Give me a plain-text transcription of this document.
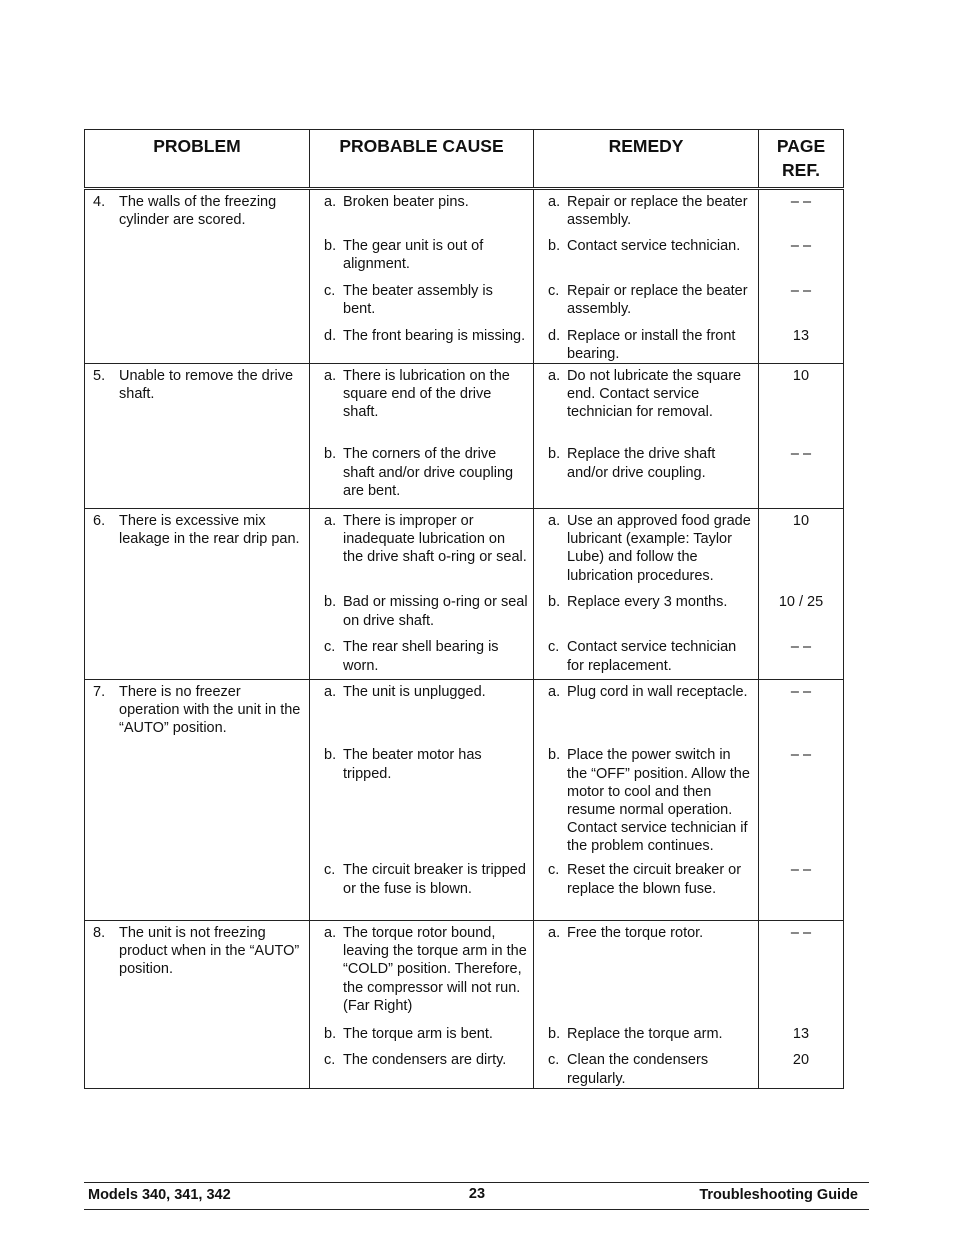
PROBLEM	PROBABLE CAUSE	REMEDY	PAGE REF.

4. The walls of the freezing cylinder are scored.	a. Broken beater pins.	a. Repair or replace the beater assembly.	– –

	b. The gear unit is out of alignment.	b. Contact service technician.	– –

	c. The beater assembly is bent.	c. Repair or replace the beater assembly.	– –

	d. The front bearing is missing.	d. Replace or install the front bearing.	13

5. Unable to remove the drive shaft.	a. There is lubrication on the square end of the drive shaft.	a. Do not lubricate the square end. Contact service technician for removal.	10

	b. The corners of the drive shaft and/or drive coupling are bent.	b. Replace the drive shaft and/or drive coupling.	– –

6. There is excessive mix leakage in the rear drip pan.	a. There is improper or inadequate lubrication on the drive shaft o-ring or seal.	a. Use an approved food grade lubricant (example: Taylor Lube) and follow the lubrication procedures.	10

	b. Bad or missing o-ring or seal on drive shaft.	b. Replace every 3 months.	10 / 25

	c. The rear shell bearing is worn.	c. Contact service technician for replacement.	– –

7. There is no freezer operation with the unit in the “AUTO” position.	a. The unit is unplugged.	a. Plug cord in wall receptacle.	– –

	b. The beater motor has tripped.	b. Place the power switch in the “OFF” position. Allow the motor to cool and then resume normal operation. Contact service technician if the problem continues.	– –

	c. The circuit breaker is tripped or the fuse is blown.	c. Reset the circuit breaker or replace the blown fuse.	– –

8. The unit is not freezing product when in the “AUTO” position.	a. The torque rotor bound, leaving the torque arm in the “COLD” position. Therefore, the compressor will not run. (Far Right)	a. Free the torque rotor.	– –

	b. The torque arm is bent.	b. Replace the torque arm.	13

	c. The condensers are dirty.	c. Clean the condensers regularly.	20
Models 340, 341, 342	23	Troubleshooting Guide
